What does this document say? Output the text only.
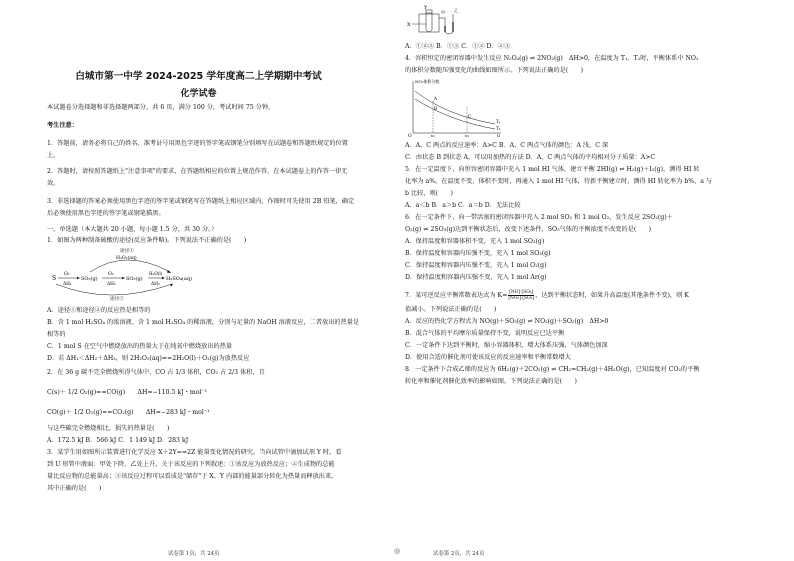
白城市第一中学 2024-2025 学年度高二上学期期中考试
化学试卷
本试题卷分选择题和非选择题两部分，共 6 页，满分 100 分，考试时间 75 分钟。
考生注意：
1．答题前，请务必将自己的姓名、准考证号用黑色字迹的签字笔或钢笔分别填写在试题卷和答题纸规定的位置
上。
2．答题时，请按照答题纸上"注意事项"的要求，在答题纸相应的位置上规范作答，在本试题卷上的作答一律无
效。
3．非选择题的答案必须使用黑色字迹的签字笔或钢笔写在答题纸上相应区域内，作图时可先使用 2B 铅笔，确定
后必须使用黑色字迹的签字笔或钢笔描黑。
一、单选题（本大题共 20 小题，每小题 1.5 分，共 30 分。）
1．如图为两种制备硫酸的途径(反应条件略)。下列说法不正确的是(　　)
S
O₂
ΔH₁
SO₂(g)
O₂
ΔH₂
SO₃(g)
H₂O(l)
ΔH₃
H₂SO₄(aq)
途径①
H₂O₂(aq)
途径②
A．途径①和途径②的反应热是相等的
B．含 1 mol H₂SO₄ 的浓溶液、含 1 mol H₂SO₄ 的稀溶液，分别与足量的 NaOH 溶液反应，二者放出的热量是
相等的
C．1 mol S 在空气中燃烧放出的热量大于在纯氧中燃烧放出的热量
D．若 ΔH₁＜ΔH₂＋ΔH₃，则 2H₂O₂(aq)==2H₂O(l)＋O₂(g)为放热反应
2．在 36 g 碳不完全燃烧所得气体中，CO 占 1/3 体积，CO₂ 占 2/3 体积，且
C(s)＋ 1/2 O₂(g)==CO(g)　　ΔH=−110.5 kJ・mol⁻¹
CO(g)＋ 1/2 O₂(g)==CO₂(g)　　ΔH=−283 kJ・mol⁻¹
与这些碳完全燃烧相比，损失的热量是(　　)
A．172.5 kJ B．566 kJ C．1 149 kJ D．283 kJ
3．某学生用如图所示装置进行化学反应 X＋2Y==2Z 能量变化情况的研究。当向试管中滴加试剂 Y 时，看
到 U 形管中液面：甲处下降，乙处上升。关于该反应的下列叙述：①该反应为放热反应；②生成物的总能
量比反应物的总能量高；③该反应过程可以看成是"储存"于 X、Y 内部的能量部分转化为热量而释放出来。
其中正确的是(　　)
试卷第 1页，共 24页	◎
Y
X
甲 乙
A．①②③ B．①③ C．①② D．②③
4．容积恒定的密闭容器中发生反应 N₂O₄(g) ⇌ 2NO₂(g)　ΔH>0，在温度为 T₁、T₂时，平衡体系中 NO₂
的体积分数随压强变化的曲线如图所示。下列说法正确的是(　　)
NO₂体积分数
p
O
T₁
T₂
p₁	p₂
A
B
C
A．A、C 两点的反应速率：A>C B．A、C 两点气体的颜色：A 浅，C 深
C．由状态 B 到状态 A，可以用加热的方法 D．A、C 两点气体的平均相对分子质量：A>C
5．在一定温度下，向恒容密闭容器中充入 1 mol HI 气体，建立平衡 2HI(g) ⇌ H₂(g)＋I₂(g)，测得 HI 转
化率为 a%。在温度不变、体积不变时，再通入 1 mol HI 气体，待新平衡建立时，测得 HI 转化率为 b%，a 与
b 比较，则(　　)
A．a＜b B．a＞b C．a＝b D．无法比较
6．在一定条件下，向一带活塞的密闭容器中充入 2 mol SO₂ 和 1 mol O₂，发生反应 2SO₂(g)＋
O₂(g) ⇌ 2SO₃(g)达到平衡状态后，改变下述条件，SO₃气体的平衡浓度不改变的是(　　)
A．保持温度和容器体积不变，充入 1 mol SO₃(g)
B．保持温度和容器内压强不变，充入 1 mol SO₃(g)
C．保持温度和容器内压强不变，充入 1 mol O₂(g)
D．保持温度和容器内压强不变，充入 1 mol Ar(g)
7．某可逆反应平衡常数表达式为 $K= \frac{\text{[NO]·[SO₃]}}{\text{[NO₂]·[SO₂]}}$ ，达到平衡状态时，如果升高温度(其他条件不变)，则 K
值减小。下列说法正确的是(　　)
A．反应的热化学方程式为 NO(g)＋SO₃(g) ⇌ NO₂(g)＋SO₂(g)　ΔH>0
B．混合气体的平均摩尔质量保持不变，说明反应已达平衡
C．一定条件下达到平衡时，缩小容器体积，增大体系压强，气体颜色加深
D．使用合适的催化剂可使该反应的反应速率和平衡常数增大
8．一定条件下合成乙烯的反应为 6H₂(g)＋2CO₂(g) ⇌ CH₂=CH₂(g)＋4H₂O(g)，已知温度对 CO₂的平衡
转化率和催化剂催化效率的影响如图。下列说法正确的是(　　)
试卷第 2页，共 24页
